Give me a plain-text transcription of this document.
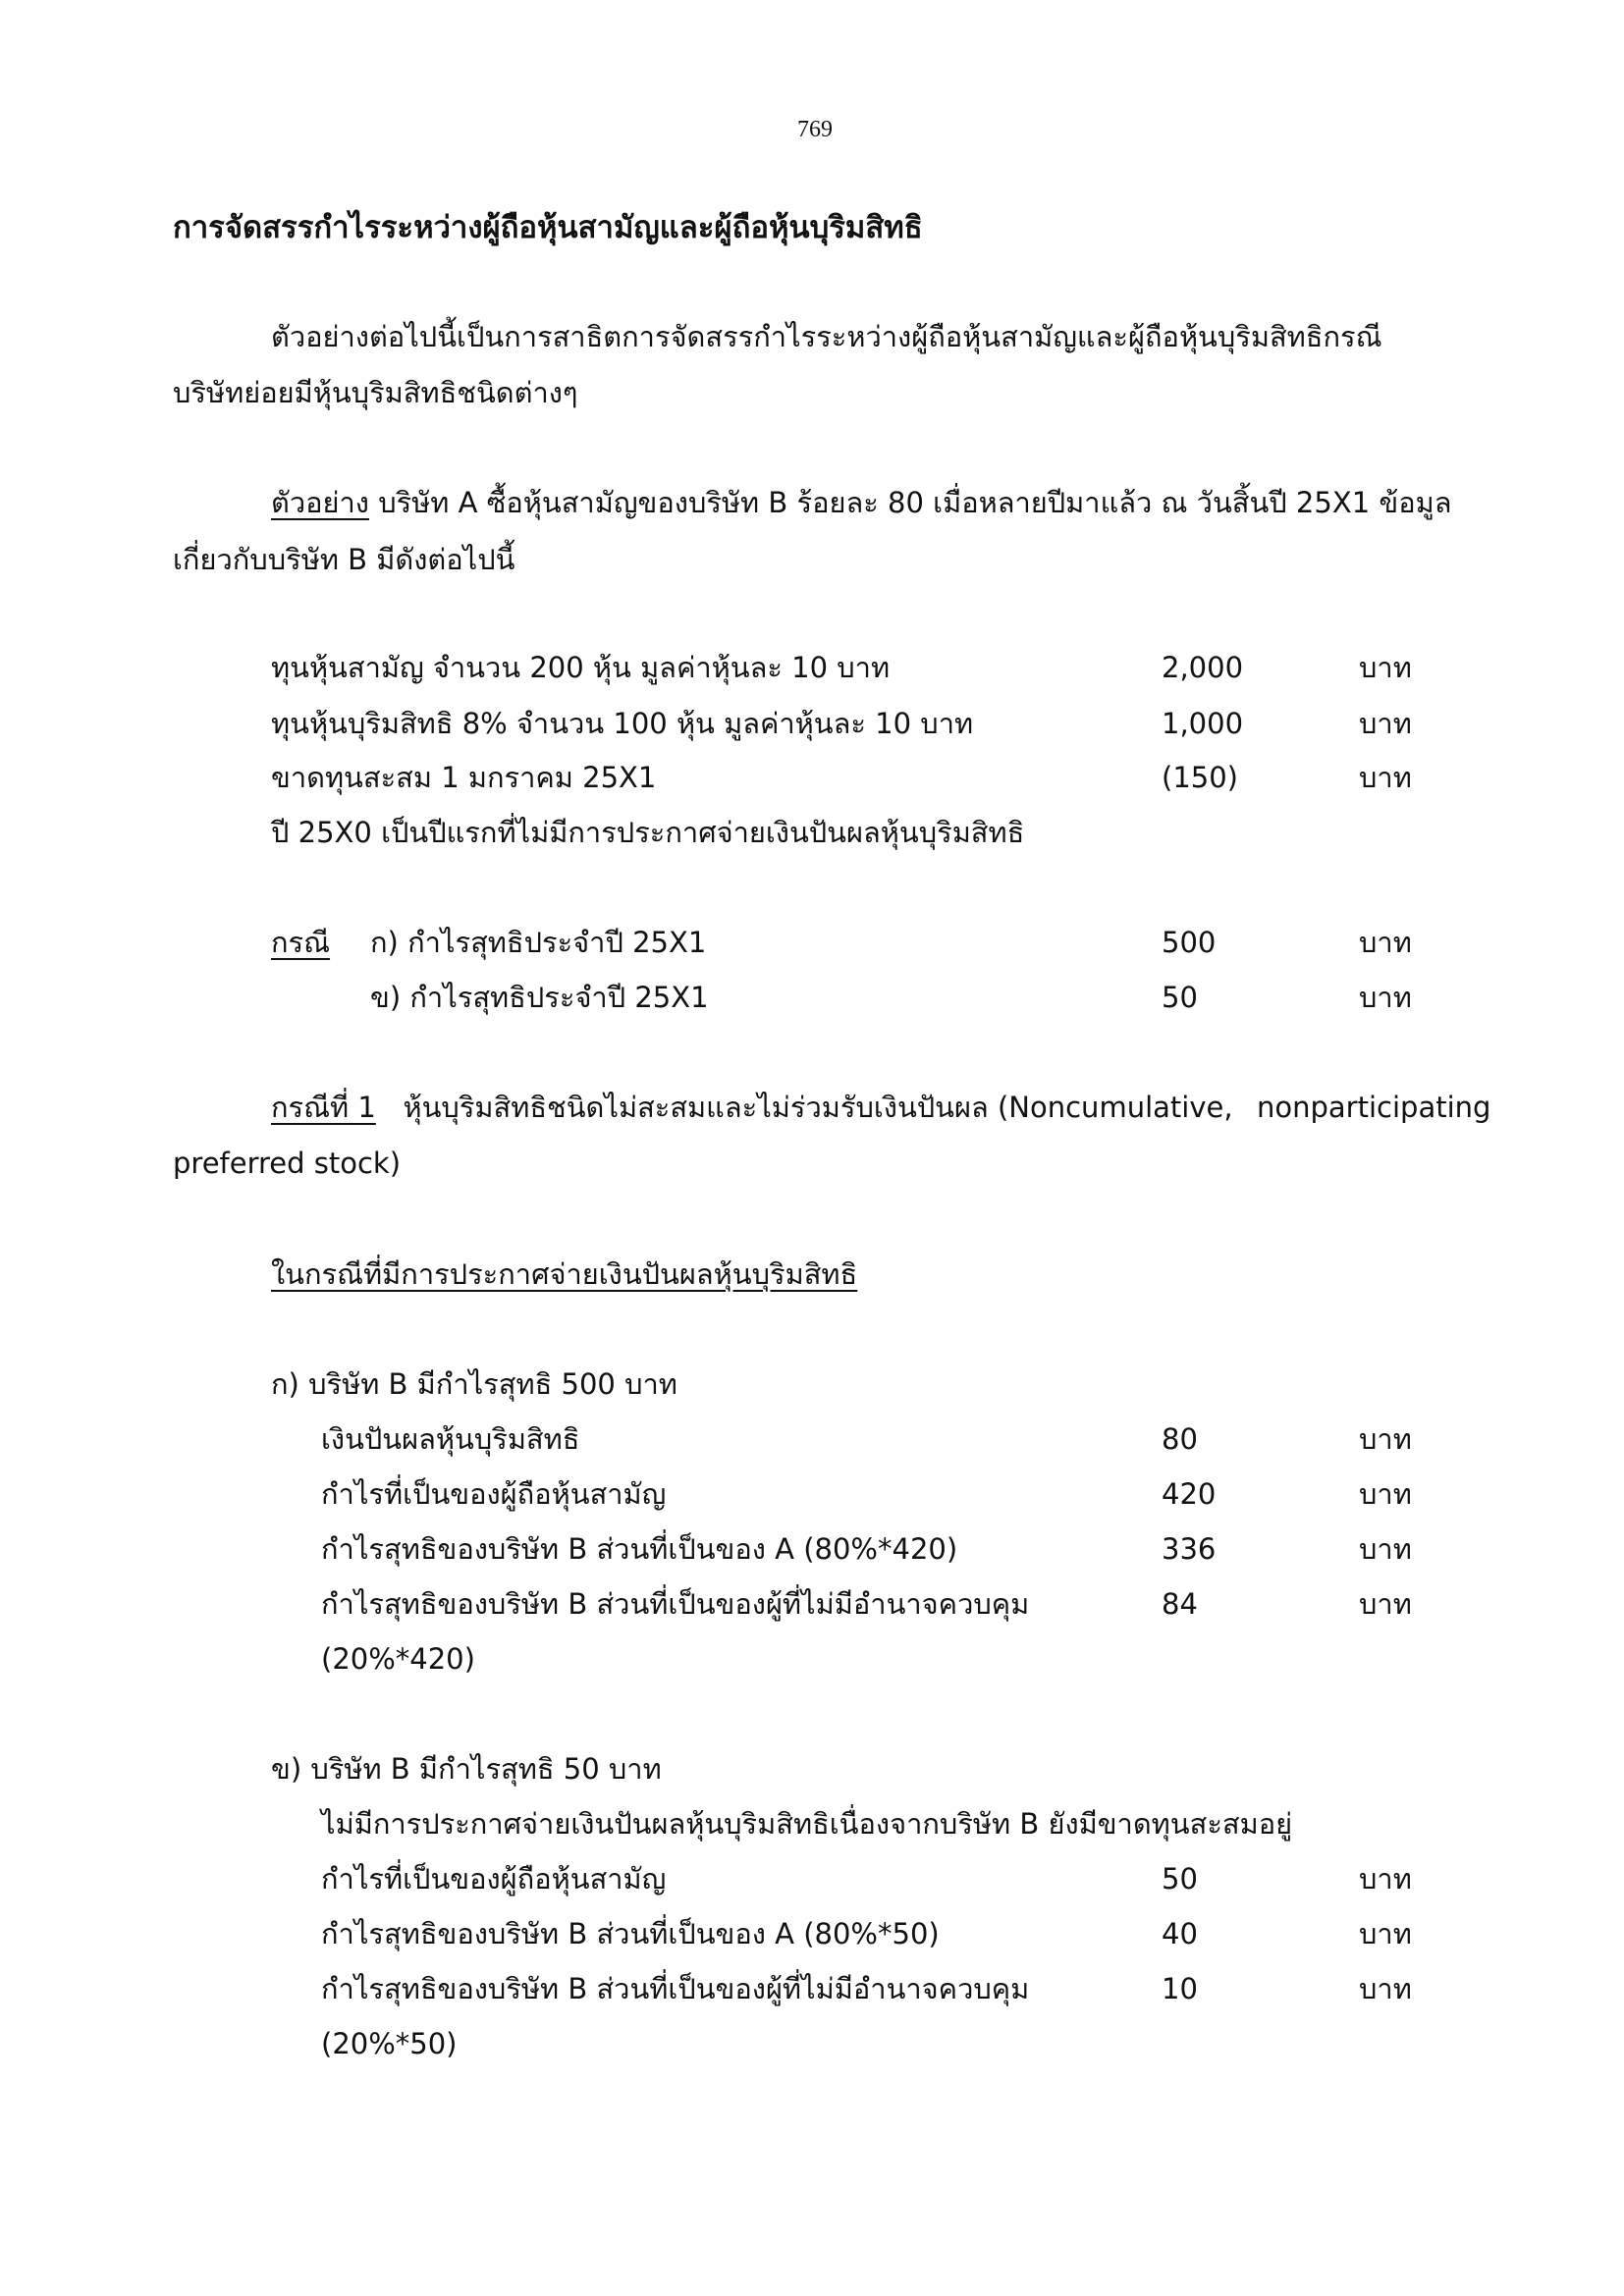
769
การจัดสรรกำไรระหว่างผู้ถือหุ้นสามัญและผู้ถือหุ้นบุริมสิทธิ
ตัวอย่างต่อไปนี้เป็นการสาธิตการจัดสรรกำไรระหว่างผู้ถือหุ้นสามัญและผู้ถือหุ้นบุริมสิทธิกรณี
บริษัทย่อยมีหุ้นบุริมสิทธิชนิดต่างๆ
ตัวอย่าง บริษัท A ซื้อหุ้นสามัญของบริษัท B ร้อยละ 80 เมื่อหลายปีมาแล้ว ณ วันสิ้นปี 25X1 ข้อมูล
เกี่ยวกับบริษัท B มีดังต่อไปนี้
ทุนหุ้นสามัญ จำนวน 200 หุ้น มูลค่าหุ้นละ 10 บาท	2,000	บาท
ทุนหุ้นบุริมสิทธิ 8% จำนวน 100 หุ้น มูลค่าหุ้นละ 10 บาท	1,000	บาท
ขาดทุนสะสม 1 มกราคม 25X1	(150)	บาท
ปี 25X0 เป็นปีแรกที่ไม่มีการประกาศจ่ายเงินปันผลหุ้นบุริมสิทธิ
กรณี ก) กำไรสุทธิประจำปี 25X1	500	บาท
ข) กำไรสุทธิประจำปี 25X1	50	บาท
กรณีที่ 1 หุ้นบุริมสิทธิชนิดไม่สะสมและไม่ร่วมรับเงินปันผล (Noncumulative, nonparticipating
preferred stock)
ในกรณีที่มีการประกาศจ่ายเงินปันผลหุ้นบุริมสิทธิ
ก) บริษัท B มีกำไรสุทธิ 500 บาท
เงินปันผลหุ้นบุริมสิทธิ	80	บาท
กำไรที่เป็นของผู้ถือหุ้นสามัญ	420	บาท
กำไรสุทธิของบริษัท B ส่วนที่เป็นของ A (80%*420)	336	บาท
กำไรสุทธิของบริษัท B ส่วนที่เป็นของผู้ที่ไม่มีอำนาจควบคุม	84	บาท
(20%*420)
ข) บริษัท B มีกำไรสุทธิ 50 บาท
ไม่มีการประกาศจ่ายเงินปันผลหุ้นบุริมสิทธิเนื่องจากบริษัท B ยังมีขาดทุนสะสมอยู่
กำไรที่เป็นของผู้ถือหุ้นสามัญ	50	บาท
กำไรสุทธิของบริษัท B ส่วนที่เป็นของ A (80%*50)	40	บาท
กำไรสุทธิของบริษัท B ส่วนที่เป็นของผู้ที่ไม่มีอำนาจควบคุม	10	บาท
(20%*50)
